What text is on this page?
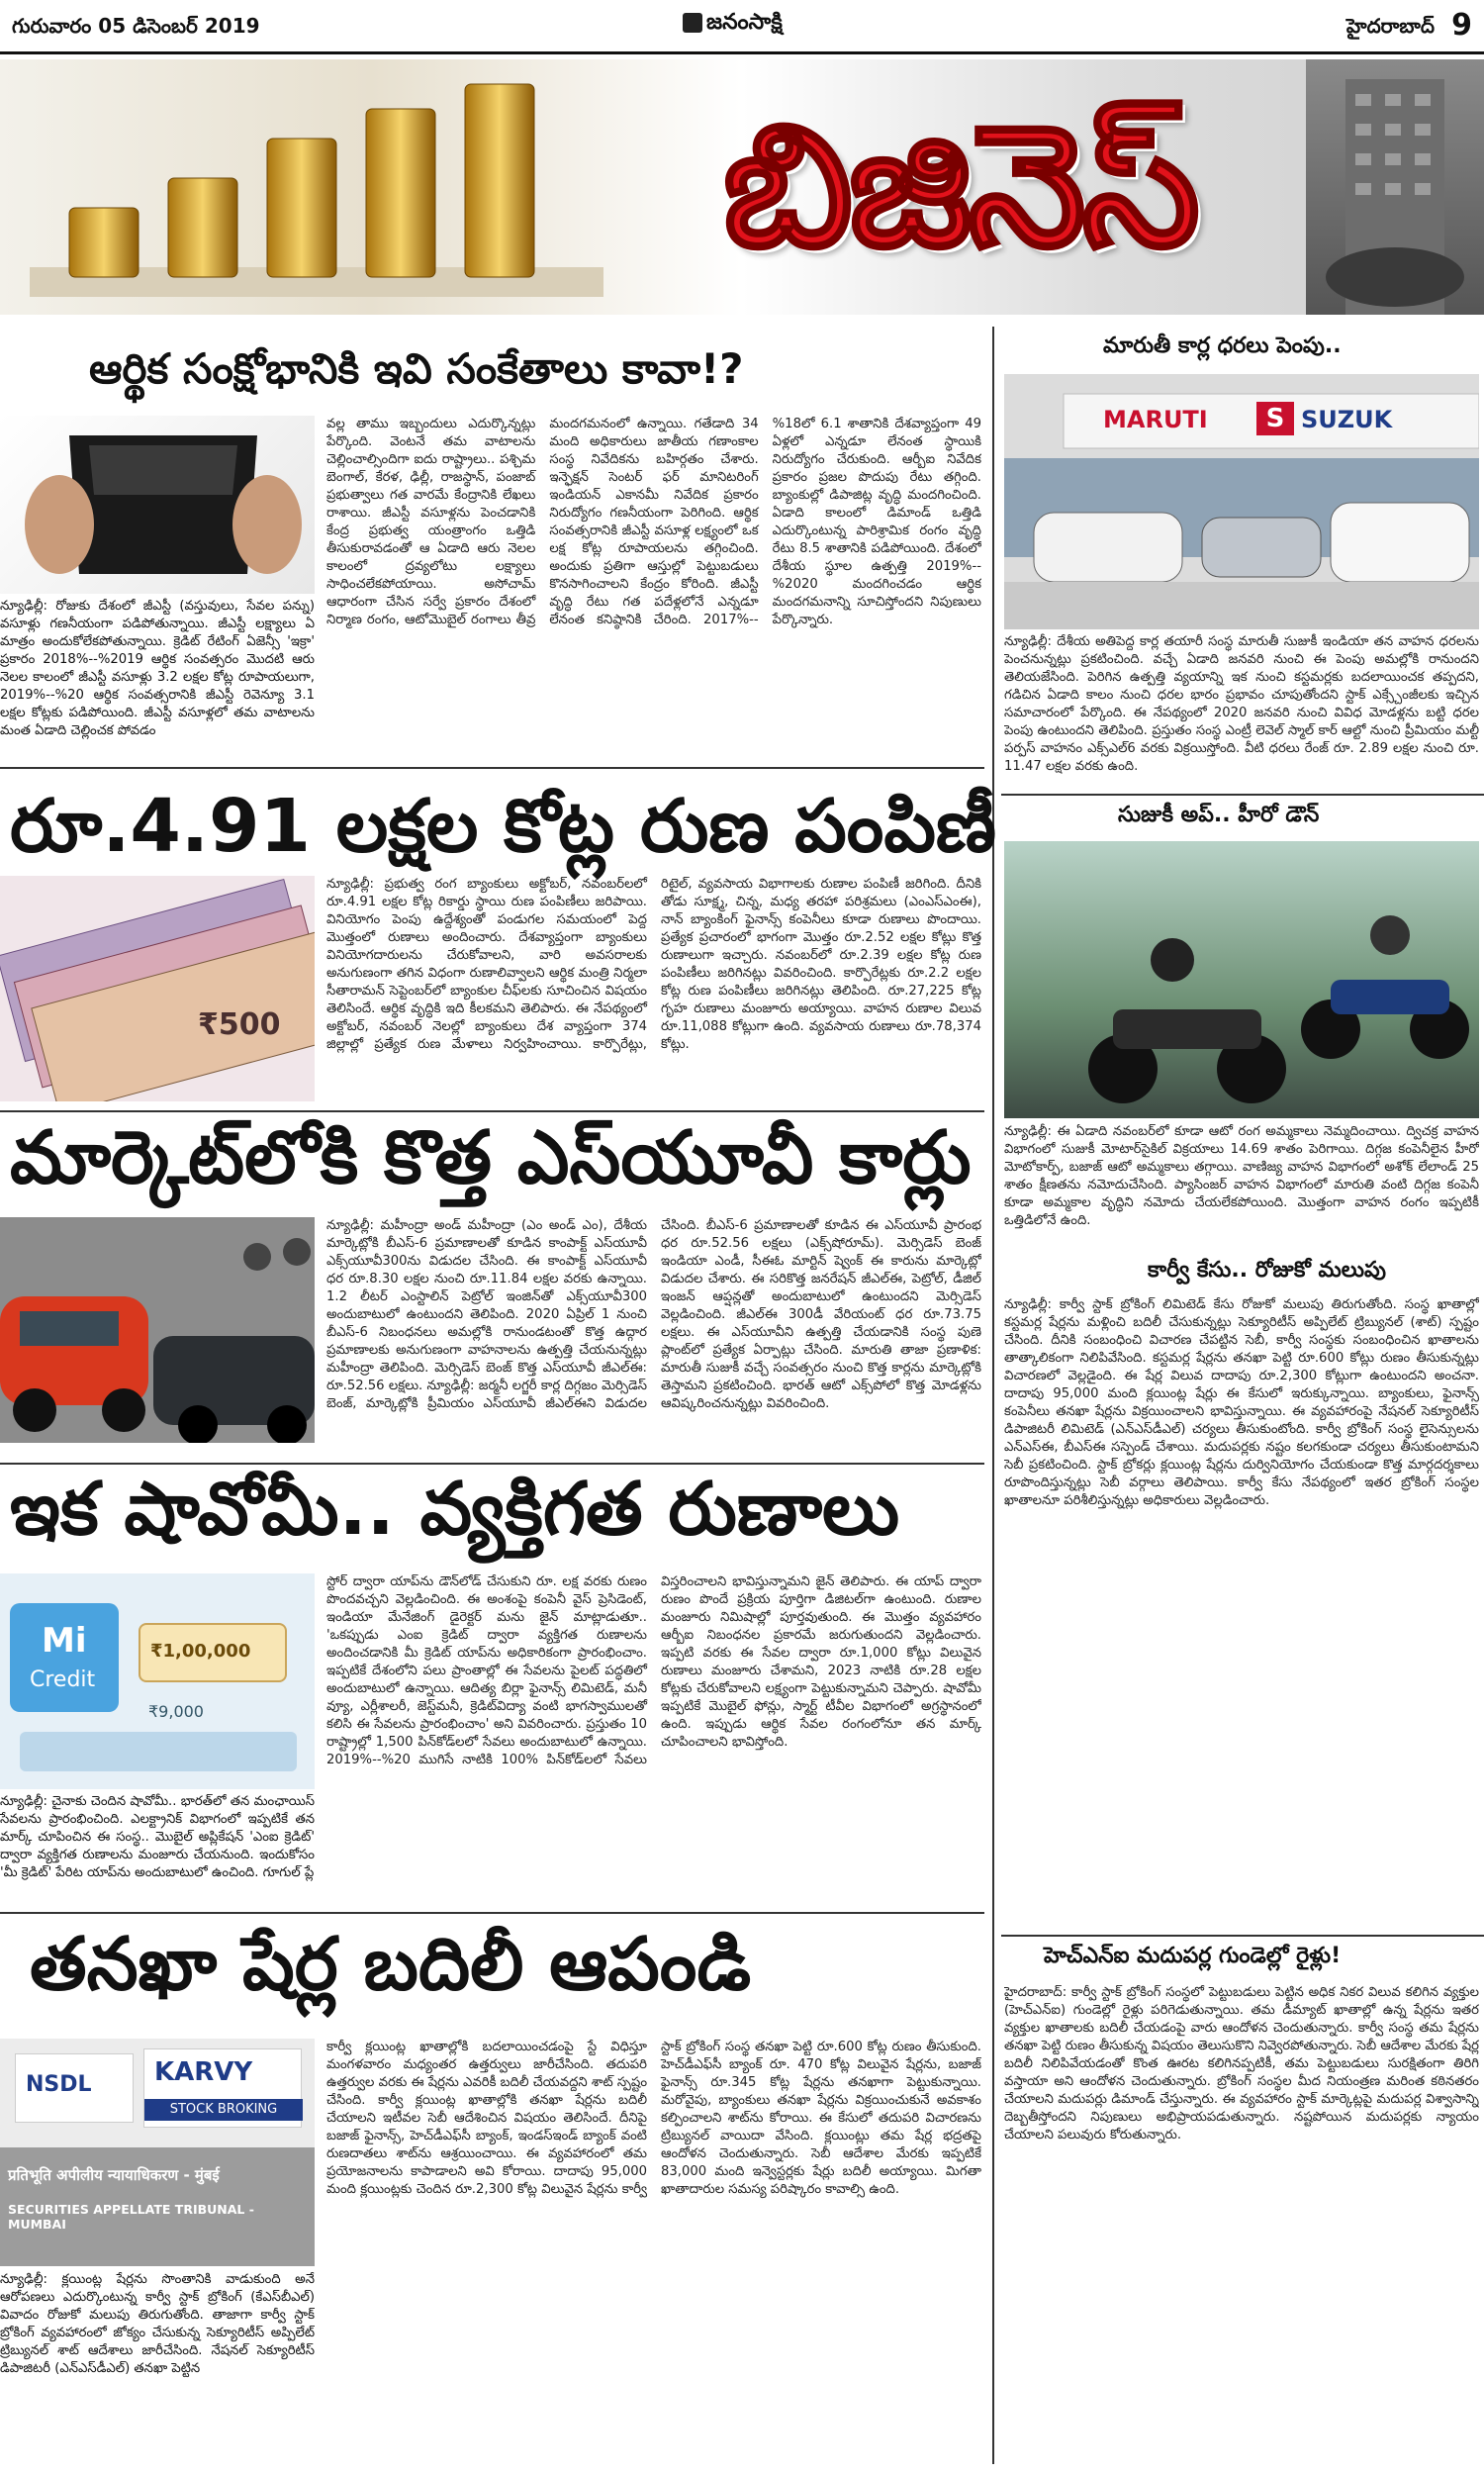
గురువారం 05 డిసెంబర్ 2019	జనంసాక్షి	హైదరాబాద్ 9
బిజినెస్
ఆర్థిక సంక్షోభానికి ఇవి సంకేతాలు కావా!?
న్యూఢిల్లీ: రోజుకు దేశంలో జీఎస్టీ (వస్తువులు, సేవల పన్ను) వసూళ్లు గణనీయంగా పడిపోతున్నాయి. జీఎస్టీ లక్ష్యాలు ఏ మాత్రం అందుకోలేకపోతున్నాయి. క్రెడిట్ రేటింగ్ ఏజెన్సీ 'ఇక్రా' ప్రకారం 2018%--%2019 ఆర్థిక సంవత్సరం మొదటి ఆరు నెలల కాలంలో జీఎస్టీ వసూళ్లు 3.2 లక్షల కోట్ల రూపాయలుగా, 2019%--%20 ఆర్థిక సంవత్సరానికి జీఎస్టీ రెవెన్యూ 3.1 లక్షల కోట్లకు పడిపోయింది. జీఎస్టీ వసూళ్లలో తమ వాటాలను మంత ఏడాది చెల్లించక పోవడం
వల్ల తాము ఇబ్బందులు ఎదుర్కొన్నట్లు పేర్కొంది. వెంటనే తమ వాటాలను చెల్లించాల్సిందిగా ఐదు రాష్ట్రాలు.. పశ్చిమ బెంగాల్, కేరళ, ఢిల్లీ, రాజస్థాన్, పంజాబ్ ప్రభుత్వాలు గత వారమే కేంద్రానికి లేఖలు రాశాయి. జీఎస్టీ వసూళ్లను పెంచడానికి కేంద్ర ప్రభుత్వ యంత్రాంగం ఒత్తిడి తీసుకురావడంతో ఆ ఏడాది ఆరు నెలల కాలంలో ద్రవ్యలోటు లక్ష్యాలు సాధించలేకపోయాయి. అసోచామ్ ఆధారంగా చేసిన సర్వే ప్రకారం దేశంలో నిర్మాణ రంగం, ఆటోమొబైల్ రంగాలు తీవ్ర మందగమనంలో ఉన్నాయి. గతేడాది 34 మంది అధికారులు జాతీయ గణాంకాల సంస్థ నివేదికను బహిర్గతం చేశారు. ఇన్ఫెక్షన్ సెంటర్ ఫర్ మానిటరింగ్ ఇండియన్ ఎకానమీ నివేదిక ప్రకారం నిరుద్యోగం గణనీయంగా పెరిగింది. ఆర్థిక సంవత్సరానికి జీఎస్టీ వసూళ్ల లక్ష్యంలో ఒక లక్ష కోట్ల రూపాయలను తగ్గించింది. అందుకు ప్రతిగా ఆస్తుల్లో పెట్టుబడులు కొనసాగించాలని కేంద్రం కోరింది. జీఎస్టీ వృద్ధి రేటు గత పదేళ్లలోనే ఎన్నడూ లేనంత కనిష్ఠానికి చేరింది. 2017%--%18లో 6.1 శాతానికి దేశవ్యాప్తంగా 49 ఏళ్లలో ఎన్నడూ లేనంత స్థాయికి నిరుద్యోగం చేరుకుంది. ఆర్బీఐ నివేదిక ప్రకారం ప్రజల పొదుపు రేటు తగ్గింది. బ్యాంకుల్లో డిపాజిట్ల వృద్ధి మందగించింది. ఏడాది కాలంలో డిమాండ్ ఒత్తిడి ఎదుర్కొంటున్న పారిశ్రామిక రంగం వృద్ధి రేటు 8.5 శాతానికి పడిపోయింది. దేశంలో దేశీయ స్థూల ఉత్పత్తి 2019%--%2020 మందగించడం ఆర్థిక మందగమనాన్ని సూచిస్తోందని నిపుణులు పేర్కొన్నారు.
మారుతీ కార్ల ధరలు పెంపు..
MARUTI	S SUZUK
న్యూఢిల్లీ: దేశీయ అతిపెద్ద కార్ల తయారీ సంస్థ మారుతీ సుజుకీ ఇండియా తన వాహన ధరలను పెంచనున్నట్లు ప్రకటించింది. వచ్చే ఏడాది జనవరి నుంచి ఈ పెంపు అమల్లోకి రానుందని తెలియజేసింది. పెరిగిన ఉత్పత్తి వ్యయాన్ని ఇక నుంచి కస్టమర్లకు బదలాయించక తప్పదని, గడిచిన ఏడాది కాలం నుంచి ధరల భారం ప్రభావం చూపుతోందని స్టాక్ ఎక్స్చేంజీలకు ఇచ్చిన సమాచారంలో పేర్కొంది. ఈ నేపథ్యంలో 2020 జనవరి నుంచి వివిధ మోడళ్లను బట్టి ధరల పెంపు ఉంటుందని తెలిపింది. ప్రస్తుతం సంస్థ ఎంట్రీ లెవెల్ స్మాల్ కార్ ఆల్టో నుంచి ప్రీమియం మల్టీ పర్పస్ వాహనం ఎక్స్ఎల్6 వరకు విక్రయిస్తోంది. వీటి ధరలు రేంజ్ రూ. 2.89 లక్షల నుంచి రూ. 11.47 లక్షల వరకు ఉంది.
రూ.4.91 లక్షల కోట్ల రుణ పంపిణీ
₹500
న్యూఢిల్లీ: ప్రభుత్వ రంగ బ్యాంకులు అక్టోబర్, నవంబర్‌లలో రూ.4.91 లక్షల కోట్ల రికార్డు స్థాయి రుణ పంపిణీలు జరిపాయి. వినియోగం పెంపు ఉద్దేశ్యంతో పండుగల సమయంలో పెద్ద మొత్తంలో రుణాలు అందించారు. దేశవ్యాప్తంగా బ్యాంకులు వినియోగదారులను చేరుకోవాలని, వారి అవసరాలకు అనుగుణంగా తగిన విధంగా రుణాలివ్వాలని ఆర్థిక మంత్రి నిర్మలా సీతారామన్ సెప్టెంబర్‌లో బ్యాంకుల చీఫ్‌లకు సూచించిన విషయం తెలిసిందే. ఆర్థిక వృద్ధికి ఇది కీలకమని తెలిపారు. ఈ నేపథ్యంలో అక్టోబర్, నవంబర్ నెలల్లో బ్యాంకులు దేశ వ్యాప్తంగా 374 జిల్లాల్లో ప్రత్యేక రుణ మేళాలు నిర్వహించాయి. కార్పొరేట్లు, రిటైల్, వ్యవసాయ విభాగాలకు రుణాల పంపిణీ జరిగింది. దీనికి తోడు సూక్ష్మ, చిన్న, మధ్య తరహా పరిశ్రమలు (ఎంఎస్ఎంఈ), నాన్ బ్యాంకింగ్ ఫైనాన్స్ కంపెనీలు కూడా రుణాలు పొందాయి. ప్రత్యేక ప్రచారంలో భాగంగా మొత్తం రూ.2.52 లక్షల కోట్లు కొత్త రుణాలుగా ఇచ్చారు. నవంబర్‌లో రూ.2.39 లక్షల కోట్ల రుణ పంపిణీలు జరిగినట్లు వివరించింది. కార్పొరేట్లకు రూ.2.2 లక్షల కోట్ల రుణ పంపిణీలు జరిగినట్లు తెలిపింది. రూ.27,225 కోట్ల గృహ రుణాలు మంజూరు అయ్యాయి. వాహన రుణాల విలువ రూ.11,088 కోట్లుగా ఉంది. వ్యవసాయ రుణాలు రూ.78,374 కోట్లు.
సుజుకీ అప్.. హీరో డౌన్
న్యూఢిల్లీ: ఈ ఏడాది నవంబర్‌లో కూడా ఆటో రంగ అమ్మకాలు నెమ్మదించాయి. ద్విచక్ర వాహన విభాగంలో సుజుకీ మోటార్‌సైకిల్ విక్రయాలు 14.69 శాతం పెరిగాయి. దిగ్గజ కంపెనీలైన హీరో మోటోకార్ప్, బజాజ్ ఆటో అమ్మకాలు తగ్గాయి. వాణిజ్య వాహన విభాగంలో అశోక్ లేలాండ్ 25 శాతం క్షీణతను నమోదుచేసింది. ప్యాసింజర్ వాహన విభాగంలో మారుతి వంటి దిగ్గజ కంపెనీ కూడా అమ్మకాల వృద్ధిని నమోదు చేయలేకపోయింది. మొత్తంగా వాహన రంగం ఇప్పటికీ ఒత్తిడిలోనే ఉంది.
కార్వీ కేసు.. రోజుకో మలుపు
న్యూఢిల్లీ: కార్వీ స్టాక్ బ్రోకింగ్ లిమిటెడ్ కేసు రోజుకో మలుపు తిరుగుతోంది. సంస్థ ఖాతాల్లో కస్టమర్ల షేర్లను మళ్లించి బదిలీ చేసుకున్నట్లు సెక్యూరిటీస్ అప్పిలేట్ ట్రిబ్యునల్ (శాట్) స్పష్టం చేసింది. దీనికి సంబంధించి విచారణ చేపట్టిన సెబీ, కార్వీ సంస్థకు సంబంధించిన ఖాతాలను తాత్కాలికంగా నిలిపివేసింది. కస్టమర్ల షేర్లను తనఖా పెట్టి రూ.600 కోట్లు రుణం తీసుకున్నట్లు విచారణలో వెల్లడైంది. ఈ షేర్ల విలువ దాదాపు రూ.2,300 కోట్లుగా ఉంటుందని అంచనా. దాదాపు 95,000 మంది క్లయింట్ల షేర్లు ఈ కేసులో ఇరుక్కున్నాయి. బ్యాంకులు, ఫైనాన్స్ కంపెనీలు తనఖా షేర్లను విక్రయించాలని భావిస్తున్నాయి. ఈ వ్యవహారంపై నేషనల్ సెక్యూరిటీస్ డిపాజిటరీ లిమిటెడ్ (ఎన్ఎస్‌డీఎల్) చర్యలు తీసుకుంటోంది. కార్వీ బ్రోకింగ్ సంస్థ లైసెన్సులను ఎన్ఎస్ఈ, బీఎస్ఈ సస్పెండ్ చేశాయి. మదుపర్లకు నష్టం కలగకుండా చర్యలు తీసుకుంటామని సెబీ ప్రకటించింది. స్టాక్ బ్రోకర్లు క్లయింట్ల షేర్లను దుర్వినియోగం చేయకుండా కొత్త మార్గదర్శకాలు రూపొందిస్తున్నట్లు సెబీ వర్గాలు తెలిపాయి. కార్వీ కేసు నేపథ్యంలో ఇతర బ్రోకింగ్ సంస్థల ఖాతాలనూ పరిశీలిస్తున్నట్లు అధికారులు వెల్లడించారు.
హెచ్ఎన్ఐ మదుపర్ల గుండెల్లో రైళ్లు!
హైదరాబాద్: కార్వీ స్టాక్ బ్రోకింగ్ సంస్థలో పెట్టుబడులు పెట్టిన అధిక నికర విలువ కలిగిన వ్యక్తుల (హెచ్ఎన్ఐ) గుండెల్లో రైళ్లు పరిగెడుతున్నాయి. తమ డీమ్యాట్ ఖాతాల్లో ఉన్న షేర్లను ఇతర వ్యక్తుల ఖాతాలకు బదిలీ చేయడంపై వారు ఆందోళన చెందుతున్నారు. కార్వీ సంస్థ తమ షేర్లను తనఖా పెట్టి రుణం తీసుకున్న విషయం తెలుసుకొని నివ్వెరపోతున్నారు. సెబీ ఆదేశాల మేరకు షేర్ల బదిలీ నిలిపివేయడంతో కొంత ఊరట కలిగినప్పటికీ, తమ పెట్టుబడులు సురక్షితంగా తిరిగి వస్తాయా అని ఆందోళన చెందుతున్నారు. బ్రోకింగ్ సంస్థల మీద నియంత్రణ మరింత కఠినతరం చేయాలని మదుపర్లు డిమాండ్ చేస్తున్నారు. ఈ వ్యవహారం స్టాక్ మార్కెట్లపై మదుపర్ల విశ్వాసాన్ని దెబ్బతీస్తోందని నిపుణులు అభిప్రాయపడుతున్నారు. నష్టపోయిన మదుపర్లకు న్యాయం చేయాలని పలువురు కోరుతున్నారు.
మార్కెట్‌లోకి కొత్త ఎస్‌యూవీ కార్లు
న్యూఢిల్లీ: మహీంద్రా అండ్ మహీంద్రా (ఎం అండ్ ఎం), దేశీయ మార్కెట్లోకి బీఎస్-6 ప్రమాణాలతో కూడిన కాంపాక్ట్ ఎస్‌యూవీ ఎక్స్‌యూవీ300ను విడుదల చేసింది. ఈ కాంపాక్ట్ ఎస్‌యూవీ ధర రూ.8.30 లక్షల నుంచి రూ.11.84 లక్షల వరకు ఉన్నాయి. 1.2 లీటర్ ఎంస్టాలిన్ పెట్రోల్ ఇంజిన్‌తో ఎక్స్‌యూవీ300 అందుబాటులో ఉంటుందని తెలిపింది. 2020 ఏప్రిల్ 1 నుంచి బీఎస్-6 నిబంధనలు అమల్లోకి రానుండటంతో కొత్త ఉద్గార ప్రమాణాలకు అనుగుణంగా వాహనాలను ఉత్పత్తి చేయనున్నట్లు మహీంద్రా తెలిపింది. మెర్సిడెస్ బెంజ్ కొత్త ఎస్‌యూవీ జీఎల్ఈ: రూ.52.56 లక్షలు. న్యూఢిల్లీ: జర్మనీ లగ్జరీ కార్ల దిగ్గజం మెర్సిడెస్ బెంజ్, మార్కెట్లోకి ప్రీమియం ఎస్‌యూవీ జీఎల్ఈని విడుదల చేసింది. బీఎస్-6 ప్రమాణాలతో కూడిన ఈ ఎస్‌యూవీ ప్రారంభ ధర రూ.52.56 లక్షలు (ఎక్స్‌షోరూమ్). మెర్సిడెస్ బెంజ్ ఇండియా ఎండీ, సీఈఓ మార్టిన్ ష్వెంక్ ఈ కారును మార్కెట్లో విడుదల చేశారు. ఈ సరికొత్త జనరేషన్ జీఎల్ఈ, పెట్రోల్, డీజిల్ ఇంజన్ ఆప్షన్లతో అందుబాటులో ఉంటుందని మెర్సిడెస్ వెల్లడించింది. జీఎల్ఈ 300డీ వేరియంట్ ధర రూ.73.75 లక్షలు. ఈ ఎస్‌యూవీని ఉత్పత్తి చేయడానికి సంస్థ పుణె ప్లాంట్‌లో ప్రత్యేక ఏర్పాట్లు చేసింది. మారుతి తాజా ప్రణాళిక: మారుతీ సుజుకీ వచ్చే సంవత్సరం నుంచి కొత్త కార్లను మార్కెట్లోకి తెస్తామని ప్రకటించింది. భారత్ ఆటో ఎక్స్‌పోలో కొత్త మోడళ్లను ఆవిష్కరించనున్నట్లు వివరించింది.
ఇక షావోమీ.. వ్యక్తిగత రుణాలు
Mi
Credit
₹1,00,000
₹9,000
న్యూఢిల్లీ: చైనాకు చెందిన షావోమీ.. భారత్‌లో తన మంఛాయిస్ సేవలను ప్రారంభించింది. ఎలక్ట్రానిక్ విభాగంలో ఇప్పటికే తన మార్క్ చూపించిన ఈ సంస్థ.. మొబైల్ అప్లికేషన్ 'ఎంఐ క్రెడిట్' ద్వారా వ్యక్తిగత రుణాలను మంజూరు చేయనుంది. ఇందుకోసం 'మీ క్రెడిట్' పేరిట యాప్‌ను అందుబాటులో ఉంచింది. గూగుల్ ప్లే
స్టోర్ ద్వారా యాప్‌ను డౌన్‌లోడ్ చేసుకుని రూ. లక్ష వరకు రుణం పొందవచ్చని వెల్లడించింది. ఈ అంశంపై కంపెనీ వైస్ ప్రెసిడెంట్, ఇండియా మేనేజింగ్ డైరెక్టర్ మను జైన్ మాట్లాడుతూ.. 'ఒకప్పుడు ఎంఐ క్రెడిట్ ద్వారా వ్యక్తిగత రుణాలను అందించడానికి మీ క్రెడిట్ యాప్‌ను అధికారికంగా ప్రారంభించాం. ఇప్పటికే దేశంలోని పలు ప్రాంతాల్లో ఈ సేవలను పైలట్ పద్ధతిలో అందుబాటులో ఉన్నాయి. ఆదిత్య బిర్లా ఫైనాన్స్ లిమిటెడ్, మనీ వ్యూ, ఎర్లీశాలరీ, జెస్ట్‌మనీ, క్రెడిట్‌విద్యా వంటి భాగస్వాములతో కలిసి ఈ సేవలను ప్రారంభించాం' అని వివరించారు. ప్రస్తుతం 10 రాష్ట్రాల్లో 1,500 పిన్‌కోడ్‌లలో సేవలు అందుబాటులో ఉన్నాయి. 2019%--%20 ముగిసే నాటికి 100% పిన్‌కోడ్‌లలో సేవలు విస్తరించాలని భావిస్తున్నామని జైన్ తెలిపారు. ఈ యాప్ ద్వారా రుణం పొందే ప్రక్రియ పూర్తిగా డిజిటల్‌గా ఉంటుంది. రుణాల మంజూరు నిమిషాల్లో పూర్తవుతుంది. ఈ మొత్తం వ్యవహారం ఆర్బీఐ నిబంధనల ప్రకారమే జరుగుతుందని వెల్లడించారు. ఇప్పటి వరకు ఈ సేవల ద్వారా రూ.1,000 కోట్లు విలువైన రుణాలు మంజూరు చేశామని, 2023 నాటికి రూ.28 లక్షల కోట్లకు చేరుకోవాలని లక్ష్యంగా పెట్టుకున్నామని చెప్పారు. షావోమీ ఇప్పటికే మొబైల్ ఫోన్లు, స్మార్ట్ టీవీల విభాగంలో అగ్రస్థానంలో ఉంది. ఇప్పుడు ఆర్థిక సేవల రంగంలోనూ తన మార్క్ చూపించాలని భావిస్తోంది.
తనఖా షేర్ల బదిలీ ఆపండి
NSDL KARVY
STOCK BROKING
प्रतिभूति अपीलीय न्यायाधिकरण - मुंबई
SECURITIES APPELLATE TRIBUNAL - MUMBAI
న్యూఢిల్లీ: క్లయింట్ల షేర్లను సొంతానికి వాడుకుంది అనే ఆరోపణలు ఎదుర్కొంటున్న కార్వీ స్టాక్ బ్రోకింగ్ (కేఎస్‌బీఎల్) వివాదం రోజుకో మలుపు తిరుగుతోంది. తాజాగా కార్వీ స్టాక్ బ్రోకింగ్ వ్యవహారంలో జోక్యం చేసుకున్న సెక్యూరిటీస్ అప్పిలేట్ ట్రిబ్యునల్ శాట్ ఆదేశాలు జారీచేసింది. నేషనల్ సెక్యూరిటీస్ డిపాజిటరీ (ఎన్ఎస్‌డీఎల్) తనఖా పెట్టిన
కార్వీ క్లయింట్ల ఖాతాల్లోకి బదలాయించడంపై స్టే విధిస్తూ మంగళవారం మధ్యంతర ఉత్తర్వులు జారీచేసింది. తదుపరి ఉత్తర్వుల వరకు ఈ షేర్లను ఎవరికీ బదిలీ చేయవద్దని శాట్ స్పష్టం చేసింది. కార్వీ క్లయింట్ల ఖాతాల్లోకి తనఖా షేర్లను బదిలీ చేయాలని ఇటీవల సెబీ ఆదేశించిన విషయం తెలిసిందే. దీనిపై బజాజ్ ఫైనాన్స్, హెచ్‌డీఎఫ్‌సీ బ్యాంక్, ఇండస్ఇండ్ బ్యాంక్ వంటి రుణదాతలు శాట్‌ను ఆశ్రయించాయి. ఈ వ్యవహారంలో తమ ప్రయోజనాలను కాపాడాలని అవి కోరాయి. దాదాపు 95,000 మంది క్లయింట్లకు చెందిన రూ.2,300 కోట్ల విలువైన షేర్లను కార్వీ స్టాక్ బ్రోకింగ్ సంస్థ తనఖా పెట్టి రూ.600 కోట్ల రుణం తీసుకుంది. హెచ్‌డీఎఫ్‌సీ బ్యాంక్ రూ. 470 కోట్ల విలువైన షేర్లను, బజాజ్ ఫైనాన్స్ రూ.345 కోట్ల షేర్లను తనఖాగా పెట్టుకున్నాయి. మరోవైపు, బ్యాంకులు తనఖా షేర్లను విక్రయించుకునే అవకాశం కల్పించాలని శాట్‌ను కోరాయి. ఈ కేసులో తదుపరి విచారణను ట్రిబ్యునల్ వాయిదా వేసింది. క్లయింట్లు తమ షేర్ల భద్రతపై ఆందోళన చెందుతున్నారు. సెబీ ఆదేశాల మేరకు ఇప్పటికే 83,000 మంది ఇన్వెస్టర్లకు షేర్లు బదిలీ అయ్యాయి. మిగతా ఖాతాదారుల సమస్య పరిష్కారం కావాల్సి ఉంది.
